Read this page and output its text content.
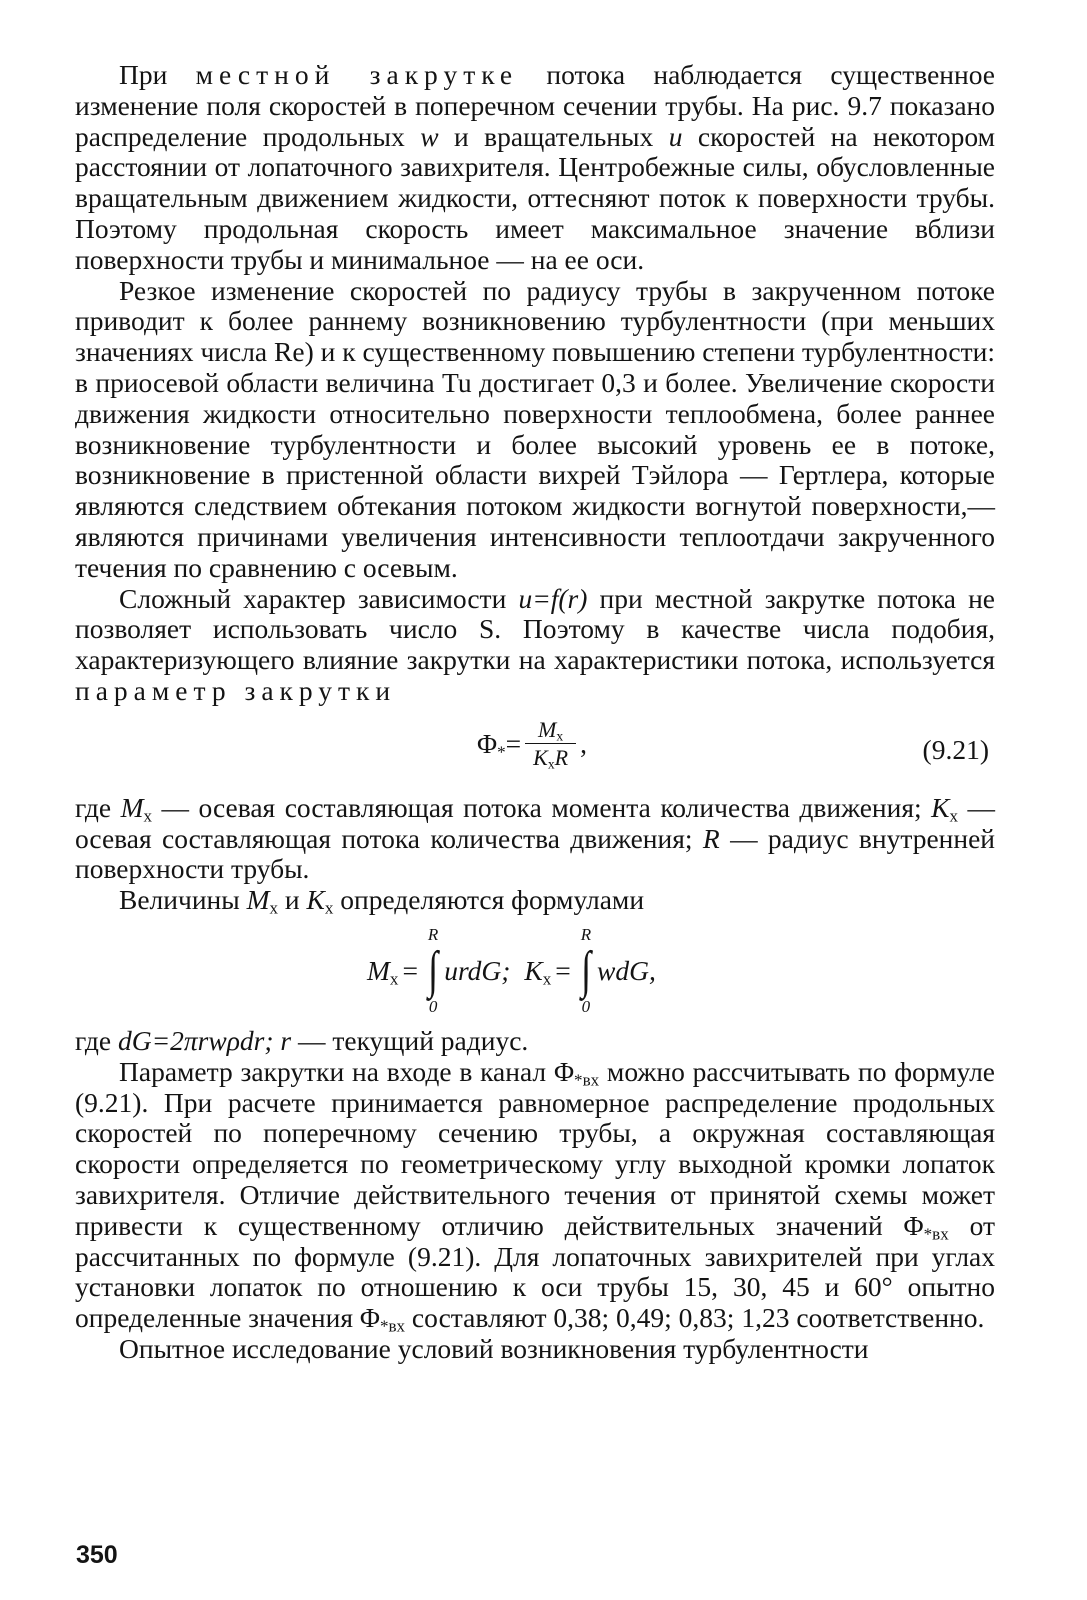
При местной закрутке потока наблюдается существенное изменение поля скоростей в поперечном сечении трубы. На рис. 9.7 показано распределение продольных w и вращательных u скоростей на некотором расстоянии от лопаточного завихрителя. Центробежные силы, обусловленные вращательным движением жидкости, оттесняют поток к поверхности трубы. Поэтому продольная скорость имеет максимальное значение вблизи поверхности трубы и минимальное — на ее оси.

Резкое изменение скоростей по радиусу трубы в закрученном потоке приводит к более раннему возникновению турбулентности (при меньших значениях числа Re) и к существенному повышению степени турбулентности: в приосевой области величина Tu достигает 0,3 и более. Увеличение скорости движения жидкости относительно поверхности теплообмена, более раннее возникновение турбулентности и более высокий уровень ее в потоке, возникновение в пристенной области вихрей Тэйлора — Гертлера, которые являются следствием обтекания потоком жидкости вогнутой поверхности,— являются причинами увеличения интенсивности теплоотдачи закрученного течения по сравнению с осевым.

Сложный характер зависимости u=f(r) при местной закрутке потока не позволяет использовать число S. Поэтому в качестве числа подобия, характеризующего влияние закрутки на характеристики потока, используется параметр закрутки

$\Phi_* = \frac{M_x}{K_xR}$ ,	(9.21)

где $M_x$ — осевая составляющая потока момента количества движения; $K_x$ — осевая составляющая потока количества движения; R — радиус внутренней поверхности трубы.

Величины $M_x$ и $K_x$ определяются формулами

$M_x$ =
R
∫
0
urdG; $K_x$ =
R
∫
0
wdG,

где dG=2πrwρdr; r — текущий радиус.

Параметр закрутки на входе в канал $\Phi_{*вх}$ можно рассчитывать по формуле (9.21). При расчете принимается равномерное распределение продольных скоростей по поперечному сечению трубы, а окружная составляющая скорости определяется по геометрическому углу выходной кромки лопаток завихрителя. Отличие действительного течения от принятой схемы может привести к существенному отличию действительных значений $\Phi_{*вх}$ от рассчитанных по формуле (9.21). Для лопаточных завихрителей при углах установки лопаток по отношению к оси трубы 15, 30, 45 и 60° опытно определенные значения $\Phi_{*вх}$ составляют 0,38; 0,49; 0,83; 1,23 соответственно.

Опытное исследование условий возникновения турбулентности

350
